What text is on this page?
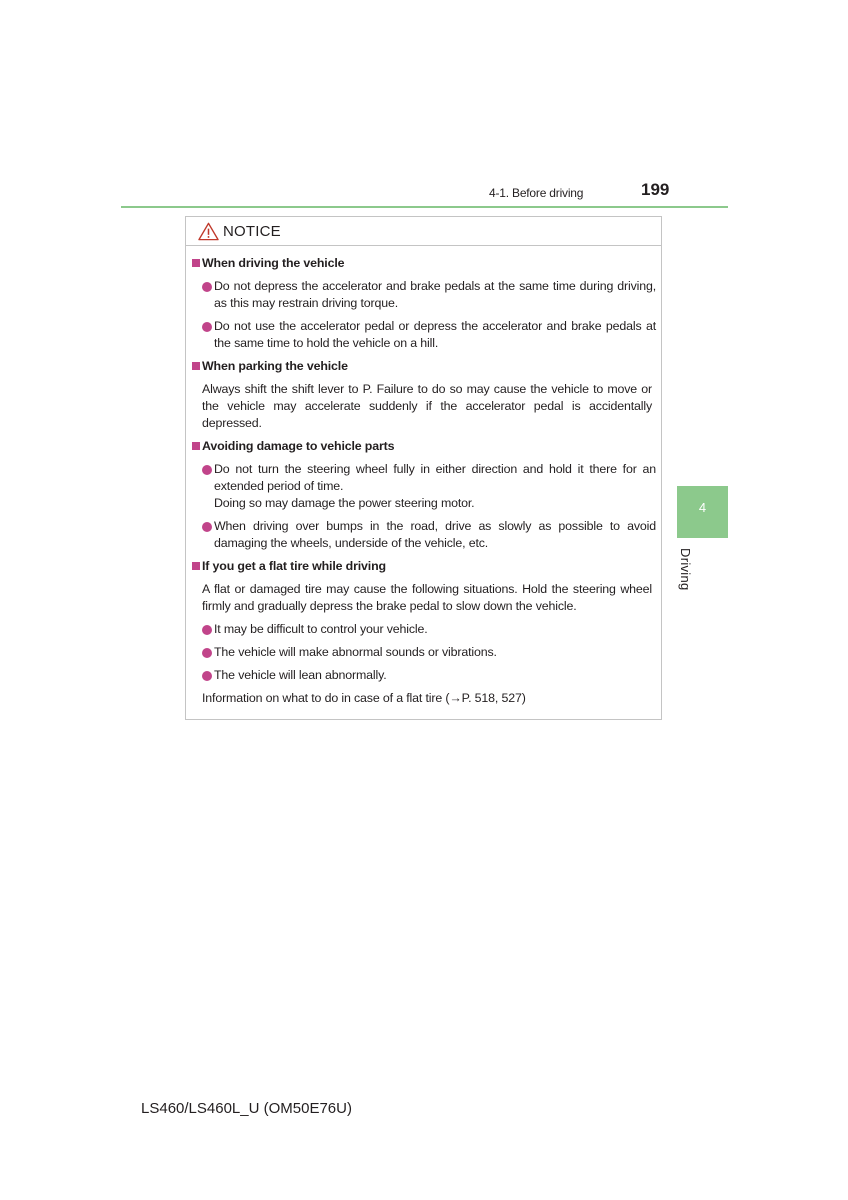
4-1. Before driving	199
NOTICE
When driving the vehicle
Do not depress the accelerator and brake pedals at the same time during driving, as this may restrain driving torque.
Do not use the accelerator pedal or depress the accelerator and brake pedals at the same time to hold the vehicle on a hill.
When parking the vehicle
Always shift the shift lever to P. Failure to do so may cause the vehicle to move or the vehicle may accelerate suddenly if the accelerator pedal is accidentally depressed.
Avoiding damage to vehicle parts
Do not turn the steering wheel fully in either direction and hold it there for an extended period of time.
Doing so may damage the power steering motor.
When driving over bumps in the road, drive as slowly as possible to avoid damaging the wheels, underside of the vehicle, etc.
If you get a flat tire while driving
A flat or damaged tire may cause the following situations. Hold the steering wheel firmly and gradually depress the brake pedal to slow down the vehicle.
It may be difficult to control your vehicle.
The vehicle will make abnormal sounds or vibrations.
The vehicle will lean abnormally.
Information on what to do in case of a flat tire (→P. 518, 527)
4
Driving
LS460/LS460L_U (OM50E76U)
